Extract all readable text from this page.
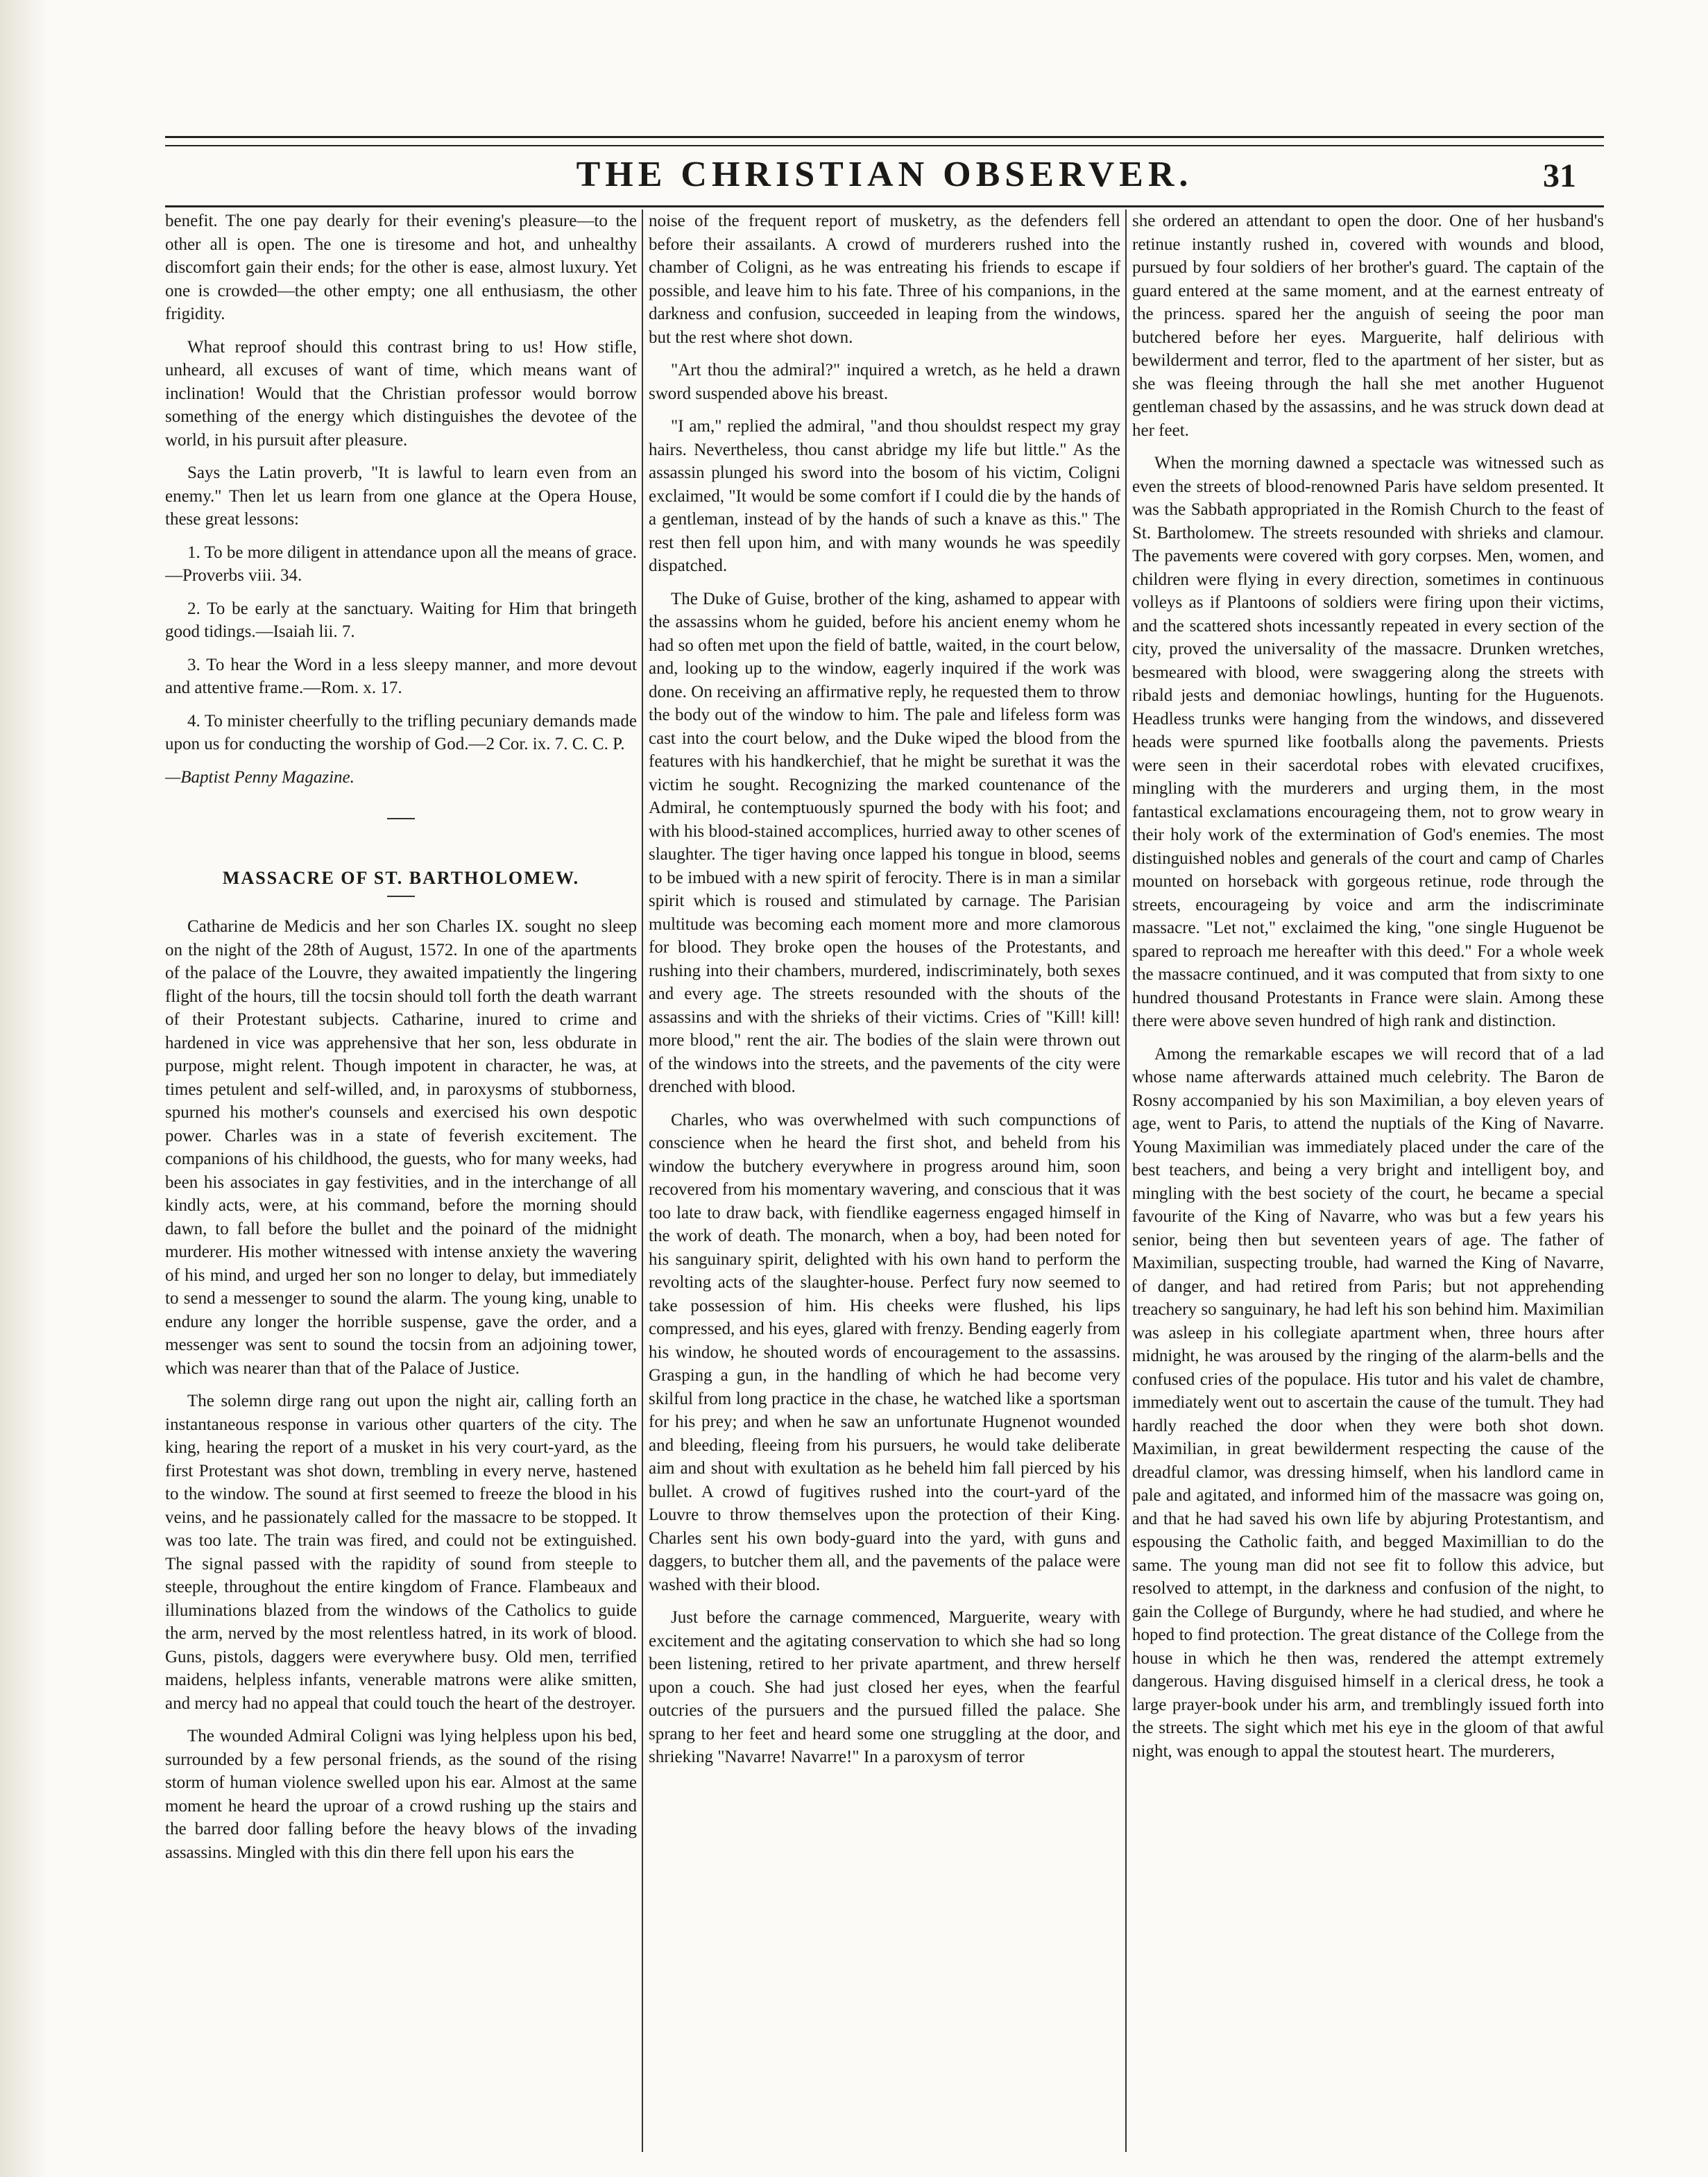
THE CHRISTIAN OBSERVER.	31

benefit. The one pay dearly for their evening's pleasure—to the other all is open. The one is tiresome and hot, and unhealthy discomfort gain their ends; for the other is ease, almost luxury. Yet one is crowded—the other empty; one all enthusiasm, the other frigidity.

What reproof should this contrast bring to us! How stifle, unheard, all excuses of want of time, which means want of inclination! Would that the Christian professor would borrow something of the energy which distinguishes the devotee of the world, in his pursuit after pleasure.

Says the Latin proverb, "It is lawful to learn even from an enemy." Then let us learn from one glance at the Opera House, these great lessons:

1. To be more diligent in attendance upon all the means of grace.—Proverbs viii. 34.

2. To be early at the sanctuary. Waiting for Him that bringeth good tidings.—Isaiah lii. 7.

3. To hear the Word in a less sleepy manner, and more devout and attentive frame.—Rom. x. 17.

4. To minister cheerfully to the trifling pecuniary demands made upon us for conducting the worship of God.—2 Cor. ix. 7. C. C. P.

—Baptist Penny Magazine.

MASSACRE OF ST. BARTHOLOMEW.

Catharine de Medicis and her son Charles IX. sought no sleep on the night of the 28th of August, 1572. In one of the apartments of the palace of the Louvre, they awaited impatiently the lingering flight of the hours, till the tocsin should toll forth the death warrant of their Protestant subjects. Catharine, inured to crime and hardened in vice was apprehensive that her son, less obdurate in purpose, might relent. Though impotent in character, he was, at times petulent and self-willed, and, in paroxysms of stubborness, spurned his mother's counsels and exercised his own despotic power. Charles was in a state of feverish excitement. The companions of his childhood, the guests, who for many weeks, had been his associates in gay festivities, and in the interchange of all kindly acts, were, at his command, before the morning should dawn, to fall before the bullet and the poinard of the midnight murderer. His mother witnessed with intense anxiety the wavering of his mind, and urged her son no longer to delay, but immediately to send a messenger to sound the alarm. The young king, unable to endure any longer the horrible suspense, gave the order, and a messenger was sent to sound the tocsin from an adjoining tower, which was nearer than that of the Palace of Justice.

The solemn dirge rang out upon the night air, calling forth an instantaneous response in various other quarters of the city. The king, hearing the report of a musket in his very court-yard, as the first Protestant was shot down, trembling in every nerve, hastened to the window. The sound at first seemed to freeze the blood in his veins, and he passionately called for the massacre to be stopped. It was too late. The train was fired, and could not be extinguished. The signal passed with the rapidity of sound from steeple to steeple, throughout the entire kingdom of France. Flambeaux and illuminations blazed from the windows of the Catholics to guide the arm, nerved by the most relentless hatred, in its work of blood. Guns, pistols, daggers were everywhere busy. Old men, terrified maidens, helpless infants, venerable matrons were alike smitten, and mercy had no appeal that could touch the heart of the destroyer.

The wounded Admiral Coligni was lying helpless upon his bed, surrounded by a few personal friends, as the sound of the rising storm of human violence swelled upon his ear. Almost at the same moment he heard the uproar of a crowd rushing up the stairs and the barred door falling before the heavy blows of the invading assassins. Mingled with this din there fell upon his ears the

noise of the frequent report of musketry, as the defenders fell before their assailants. A crowd of murderers rushed into the chamber of Coligni, as he was entreating his friends to escape if possible, and leave him to his fate. Three of his companions, in the darkness and confusion, succeeded in leaping from the windows, but the rest where shot down.

"Art thou the admiral?" inquired a wretch, as he held a drawn sword suspended above his breast.

"I am," replied the admiral, "and thou shouldst respect my gray hairs. Nevertheless, thou canst abridge my life but little." As the assassin plunged his sword into the bosom of his victim, Coligni exclaimed, "It would be some comfort if I could die by the hands of a gentleman, instead of by the hands of such a knave as this." The rest then fell upon him, and with many wounds he was speedily dispatched.

The Duke of Guise, brother of the king, ashamed to appear with the assassins whom he guided, before his ancient enemy whom he had so often met upon the field of battle, waited, in the court below, and, looking up to the window, eagerly inquired if the work was done. On receiving an affirmative reply, he requested them to throw the body out of the window to him. The pale and lifeless form was cast into the court below, and the Duke wiped the blood from the features with his handkerchief, that he might be surethat it was the victim he sought. Recognizing the marked countenance of the Admiral, he contemptuously spurned the body with his foot; and with his blood-stained accomplices, hurried away to other scenes of slaughter. The tiger having once lapped his tongue in blood, seems to be imbued with a new spirit of ferocity. There is in man a similar spirit which is roused and stimulated by carnage. The Parisian multitude was becoming each moment more and more clamorous for blood. They broke open the houses of the Protestants, and rushing into their chambers, murdered, indiscriminately, both sexes and every age. The streets resounded with the shouts of the assassins and with the shrieks of their victims. Cries of "Kill! kill! more blood," rent the air. The bodies of the slain were thrown out of the windows into the streets, and the pavements of the city were drenched with blood.

Charles, who was overwhelmed with such compunctions of conscience when he heard the first shot, and beheld from his window the butchery everywhere in progress around him, soon recovered from his momentary wavering, and conscious that it was too late to draw back, with fiendlike eagerness engaged himself in the work of death. The monarch, when a boy, had been noted for his sanguinary spirit, delighted with his own hand to perform the revolting acts of the slaughter-house. Perfect fury now seemed to take possession of him. His cheeks were flushed, his lips compressed, and his eyes, glared with frenzy. Bending eagerly from his window, he shouted words of encouragement to the assassins. Grasping a gun, in the handling of which he had become very skilful from long practice in the chase, he watched like a sportsman for his prey; and when he saw an unfortunate Hugnenot wounded and bleeding, fleeing from his pursuers, he would take deliberate aim and shout with exultation as he beheld him fall pierced by his bullet. A crowd of fugitives rushed into the court-yard of the Louvre to throw themselves upon the protection of their King. Charles sent his own body-guard into the yard, with guns and daggers, to butcher them all, and the pavements of the palace were washed with their blood.

Just before the carnage commenced, Marguerite, weary with excitement and the agitating conservation to which she had so long been listening, retired to her private apartment, and threw herself upon a couch. She had just closed her eyes, when the fearful outcries of the pursuers and the pursued filled the palace. She sprang to her feet and heard some one struggling at the door, and shrieking "Navarre! Navarre!" In a paroxysm of terror

she ordered an attendant to open the door. One of her husband's retinue instantly rushed in, covered with wounds and blood, pursued by four soldiers of her brother's guard. The captain of the guard entered at the same moment, and at the earnest entreaty of the princess. spared her the anguish of seeing the poor man butchered before her eyes. Marguerite, half delirious with bewilderment and terror, fled to the apartment of her sister, but as she was fleeing through the hall she met another Huguenot gentleman chased by the assassins, and he was struck down dead at her feet.

When the morning dawned a spectacle was witnessed such as even the streets of blood-renowned Paris have seldom presented. It was the Sabbath appropriated in the Romish Church to the feast of St. Bartholomew. The streets resounded with shrieks and clamour. The pavements were covered with gory corpses. Men, women, and children were flying in every direction, sometimes in continuous volleys as if Plantoons of soldiers were firing upon their victims, and the scattered shots incessantly repeated in every section of the city, proved the universality of the massacre. Drunken wretches, besmeared with blood, were swaggering along the streets with ribald jests and demoniac howlings, hunting for the Huguenots. Headless trunks were hanging from the windows, and dissevered heads were spurned like footballs along the pavements. Priests were seen in their sacerdotal robes with elevated crucifixes, mingling with the murderers and urging them, in the most fantastical exclamations encourageing them, not to grow weary in their holy work of the extermination of God's enemies. The most distinguished nobles and generals of the court and camp of Charles mounted on horseback with gorgeous retinue, rode through the streets, encourageing by voice and arm the indiscriminate massacre. "Let not," exclaimed the king, "one single Huguenot be spared to reproach me hereafter with this deed." For a whole week the massacre continued, and it was computed that from sixty to one hundred thousand Protestants in France were slain. Among these there were above seven hundred of high rank and distinction.

Among the remarkable escapes we will record that of a lad whose name afterwards attained much celebrity. The Baron de Rosny accompanied by his son Maximilian, a boy eleven years of age, went to Paris, to attend the nuptials of the King of Navarre. Young Maximilian was immediately placed under the care of the best teachers, and being a very bright and intelligent boy, and mingling with the best society of the court, he became a special favourite of the King of Navarre, who was but a few years his senior, being then but seventeen years of age. The father of Maximilian, suspecting trouble, had warned the King of Navarre, of danger, and had retired from Paris; but not apprehending treachery so sanguinary, he had left his son behind him. Maximilian was asleep in his collegiate apartment when, three hours after midnight, he was aroused by the ringing of the alarm-bells and the confused cries of the populace. His tutor and his valet de chambre, immediately went out to ascertain the cause of the tumult. They had hardly reached the door when they were both shot down. Maximilian, in great bewilderment respecting the cause of the dreadful clamor, was dressing himself, when his landlord came in pale and agitated, and informed him of the massacre was going on, and that he had saved his own life by abjuring Protestantism, and espousing the Catholic faith, and begged Maximillian to do the same. The young man did not see fit to follow this advice, but resolved to attempt, in the darkness and confusion of the night, to gain the College of Burgundy, where he had studied, and where he hoped to find protection. The great distance of the College from the house in which he then was, rendered the attempt extremely dangerous. Having disguised himself in a clerical dress, he took a large prayer-book under his arm, and tremblingly issued forth into the streets. The sight which met his eye in the gloom of that awful night, was enough to appal the stoutest heart. The murderers,
